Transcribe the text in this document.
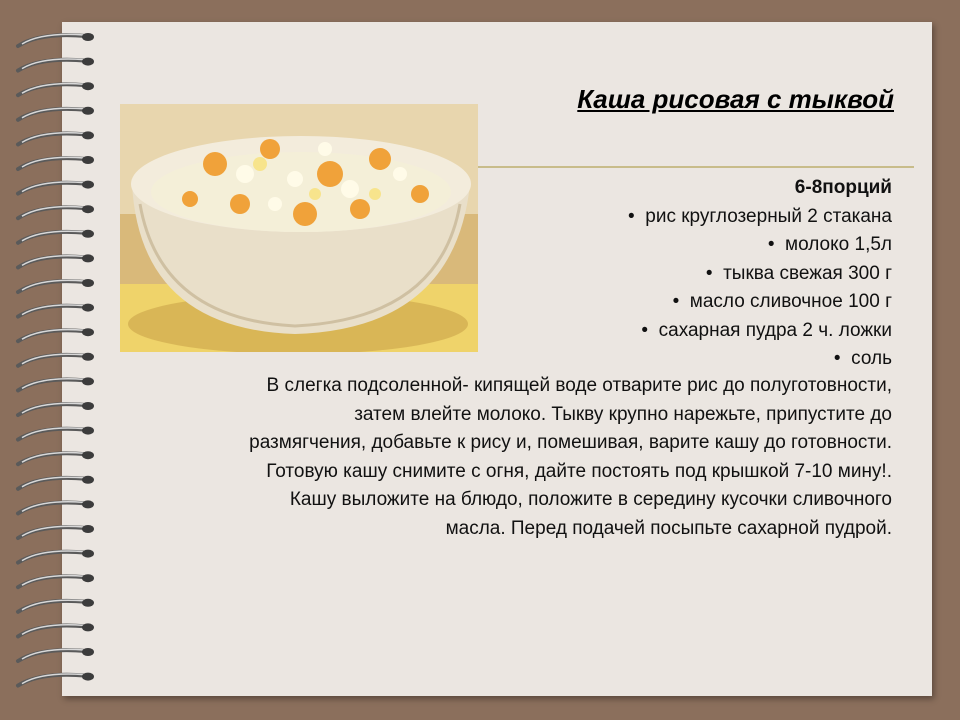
Каша рисовая с тыквой
6-8порций
•  рис круглозерный 2 стакана
•  молоко 1,5л
•  тыква свежая 300 г
•  масло сливочное 100 г
•  сахарная пудра 2 ч. ложки
•  соль

В слегка подсоленной- кипящей воде отварите рис до полуготовности, затем влейте молоко. Тыкву крупно нарежьте, припустите до размягчения, добавьте к рису и, помешивая, варите кашу до готовности. Готовую кашу снимите с огня, дайте постоять под крышкой 7-10 мину!. Кашу выложите на блюдо, положите в середину кусочки сливочного масла. Перед подачей посыпьте сахарной пудрой.
